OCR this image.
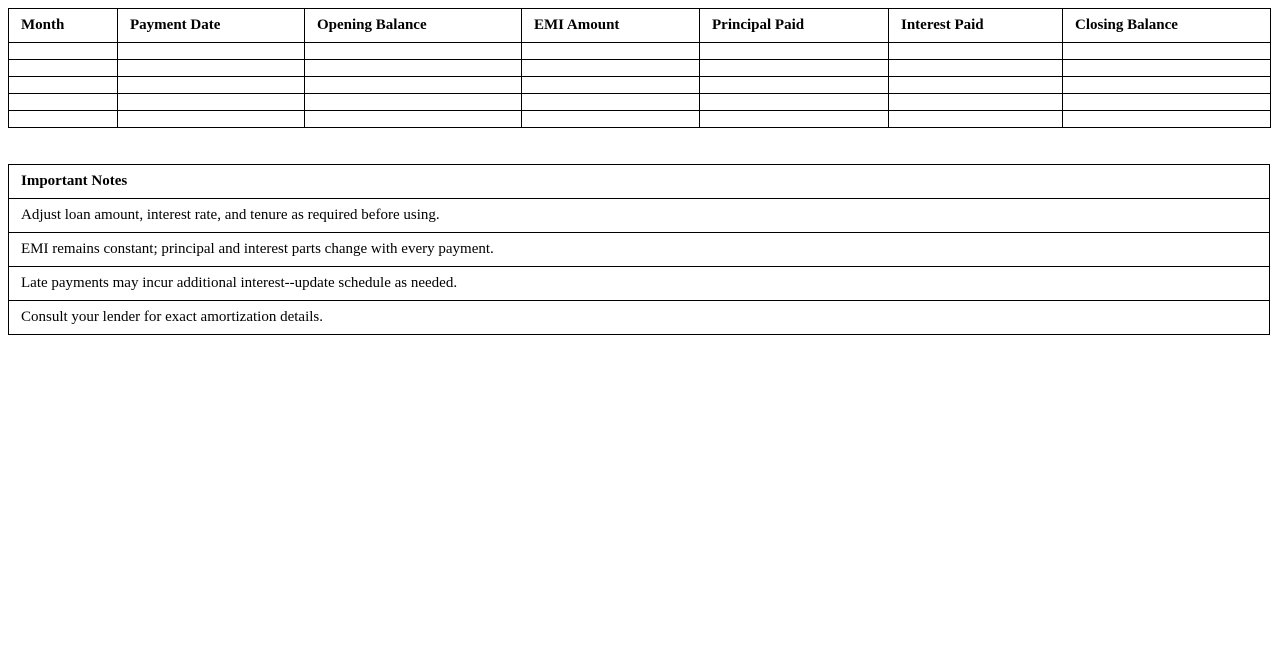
Month	Payment Date	Opening Balance	EMI Amount	Principal Paid	Interest Paid	Closing Balance

Important Notes
Adjust loan amount, interest rate, and tenure as required before using.
EMI remains constant; principal and interest parts change with every payment.
Late payments may incur additional interest--update schedule as needed.
Consult your lender for exact amortization details.
